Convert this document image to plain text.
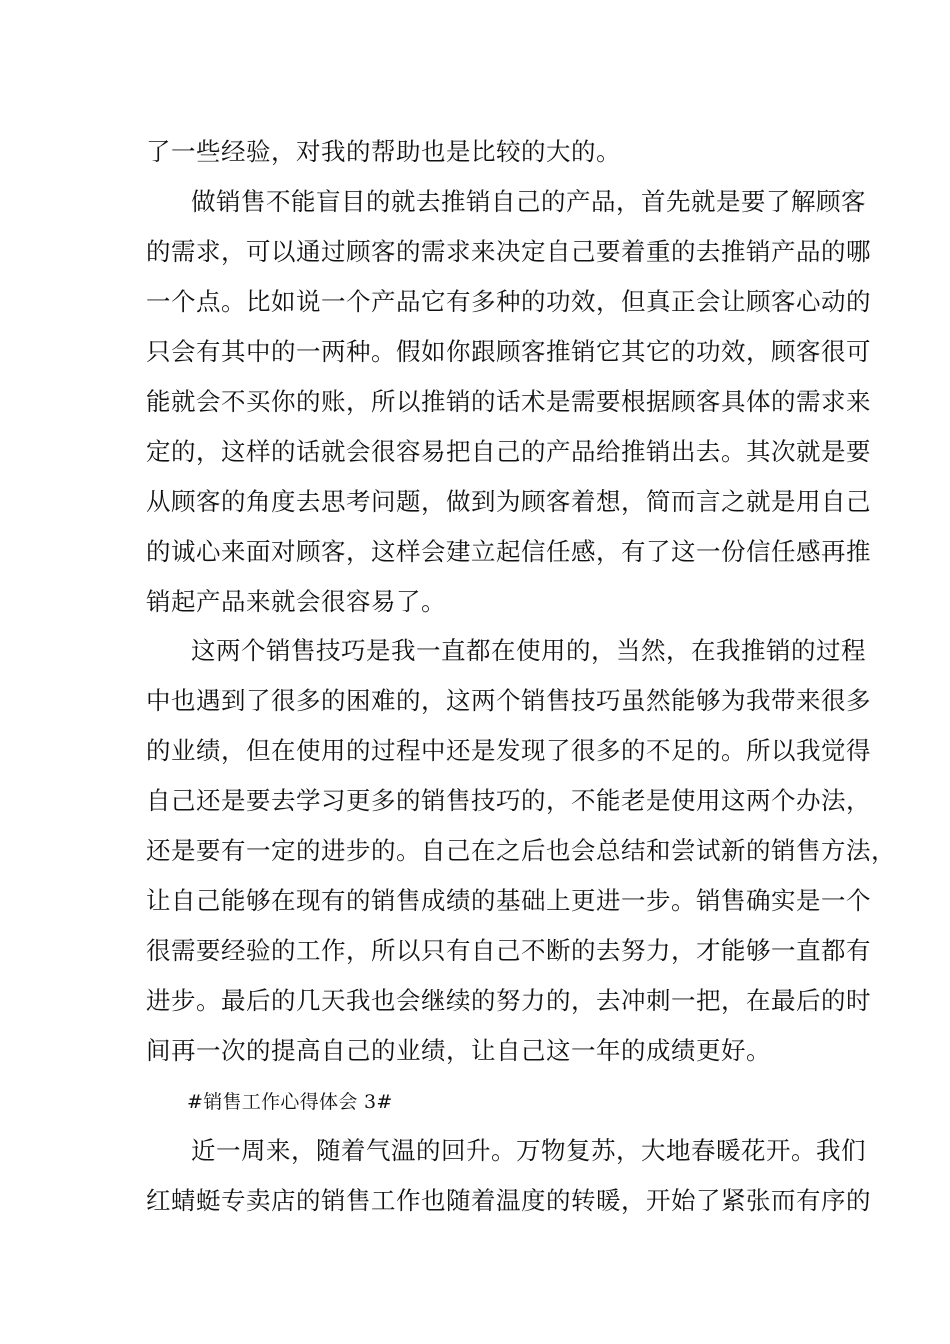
了一些经验，对我的帮助也是比较的大的。
做销售不能盲目的就去推销自己的产品，首先就是要了解顾客
的需求，可以通过顾客的需求来决定自己要着重的去推销产品的哪
一个点。比如说一个产品它有多种的功效，但真正会让顾客心动的
只会有其中的一两种。假如你跟顾客推销它其它的功效，顾客很可
能就会不买你的账，所以推销的话术是需要根据顾客具体的需求来
定的，这样的话就会很容易把自己的产品给推销出去。其次就是要
从顾客的角度去思考问题，做到为顾客着想，简而言之就是用自己
的诚心来面对顾客，这样会建立起信任感，有了这一份信任感再推
销起产品来就会很容易了。
这两个销售技巧是我一直都在使用的，当然，在我推销的过程
中也遇到了很多的困难的，这两个销售技巧虽然能够为我带来很多
的业绩，但在使用的过程中还是发现了很多的不足的。所以我觉得
自己还是要去学习更多的销售技巧的，不能老是使用这两个办法，
还是要有一定的进步的。自己在之后也会总结和尝试新的销售方法，
让自己能够在现有的销售成绩的基础上更进一步。销售确实是一个
很需要经验的工作，所以只有自己不断的去努力，才能够一直都有
进步。最后的几天我也会继续的努力的，去冲刺一把，在最后的时
间再一次的提高自己的业绩，让自己这一年的成绩更好。
#销售工作心得体会 3#
近一周来，随着气温的回升。万物复苏，大地春暖花开。我们
红蜻蜓专卖店的销售工作也随着温度的转暖，开始了紧张而有序的
